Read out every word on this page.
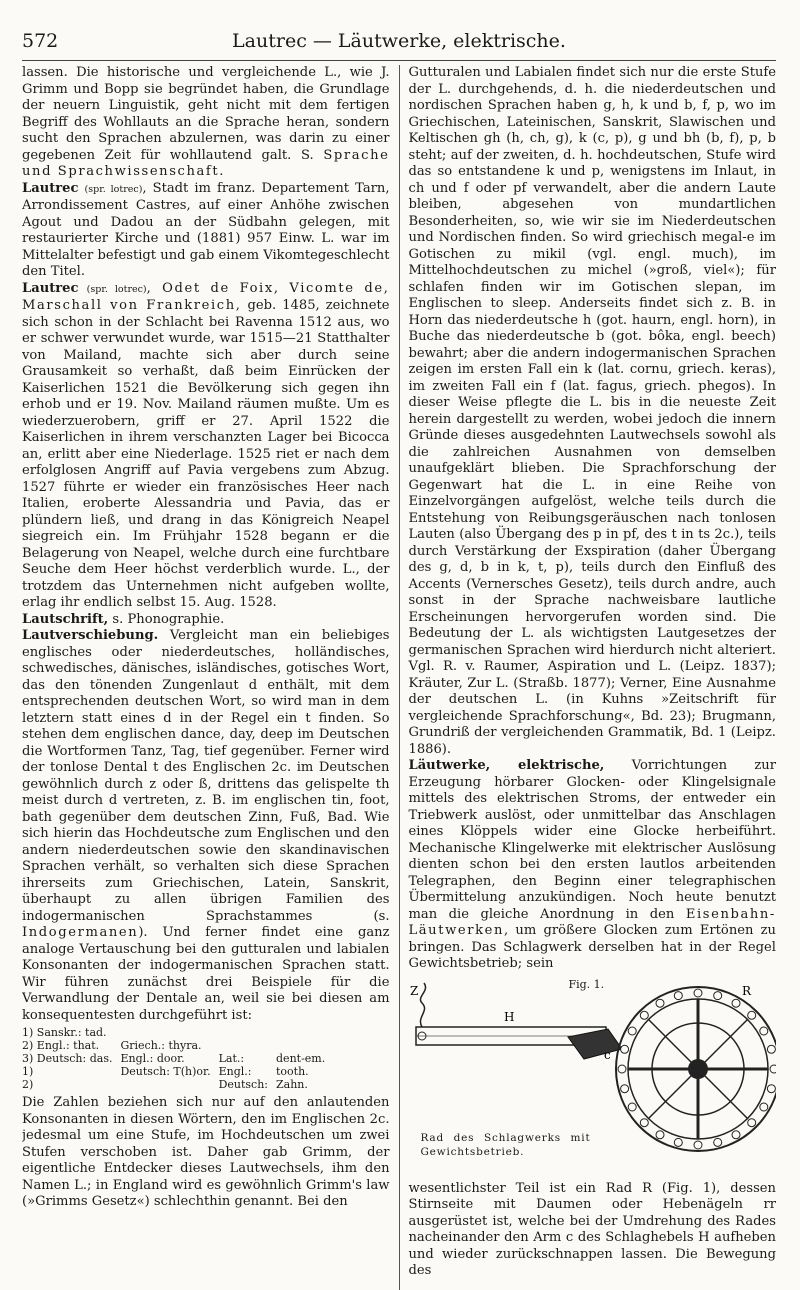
572	Lautrec — Läutwerke, elektrische.

lassen. Die historische und vergleichende L., wie J. Grimm und Bopp sie begründet haben, die Grundlage der neuern Linguistik, geht nicht mit dem fertigen Begriff des Wohllauts an die Sprache heran, sondern sucht den Sprachen abzulernen, was darin zu einer gegebenen Zeit für wohllautend galt. S. Sprache und Sprachwissenschaft.

Lautrec (spr. lotrec), Stadt im franz. Departement Tarn, Arrondissement Castres, auf einer Anhöhe zwischen Agout und Dadou an der Südbahn gelegen, mit restaurierter Kirche und (1881) 957 Einw. L. war im Mittelalter befestigt und gab einem Vikomtegeschlecht den Titel.

Lautrec (spr. lotrec), Odet de Foix, Vicomte de, Marschall von Frankreich, geb. 1485, zeichnete sich schon in der Schlacht bei Ravenna 1512 aus, wo er schwer verwundet wurde, war 1515—21 Statthalter von Mailand, machte sich aber durch seine Grausamkeit so verhaßt, daß beim Einrücken der Kaiserlichen 1521 die Bevölkerung sich gegen ihn erhob und er 19. Nov. Mailand räumen mußte. Um es wiederzuerobern, griff er 27. April 1522 die Kaiserlichen in ihrem verschanzten Lager bei Bicocca an, erlitt aber eine Niederlage. 1525 riet er nach dem erfolglosen Angriff auf Pavia vergebens zum Abzug. 1527 führte er wieder ein französisches Heer nach Italien, eroberte Alessandria und Pavia, das er plündern ließ, und drang in das Königreich Neapel siegreich ein. Im Frühjahr 1528 begann er die Belagerung von Neapel, welche durch eine furchtbare Seuche dem Heer höchst verderblich wurde. L., der trotzdem das Unternehmen nicht aufgeben wollte, erlag ihr endlich selbst 15. Aug. 1528.

Lautschrift, s. Phonographie.

Lautverschiebung. Vergleicht man ein beliebiges englisches oder niederdeutsches, holländisches, schwedisches, dänisches, isländisches, gotisches Wort, das den tönenden Zungenlaut d enthält, mit dem entsprechenden deutschen Wort, so wird man in dem letztern statt eines d in der Regel ein t finden. So stehen dem englischen dance, day, deep im Deutschen die Wortformen Tanz, Tag, tief gegenüber. Ferner wird der tonlose Dental t des Englischen 2c. im Deutschen gewöhnlich durch z oder ß, drittens das gelispelte th meist durch d vertreten, z. B. im englischen tin, foot, bath gegenüber dem deutschen Zinn, Fuß, Bad. Wie sich hierin das Hochdeutsche zum Englischen und den andern niederdeutschen sowie den skandinavischen Sprachen verhält, so verhalten sich diese Sprachen ihrerseits zum Griechischen, Latein, Sanskrit, überhaupt zu allen übrigen Familien des indogermanischen Sprachstammes (s. Indogermanen). Und ferner findet eine ganz analoge Vertauschung bei den gutturalen und labialen Konsonanten der indogermanischen Sprachen statt. Wir führen zunächst drei Beispiele für die Verwandlung der Dentale an, weil sie bei diesen am konsequentesten durchgeführt ist:

1) Sanskr.: tad.			
2) Engl.: that.	Griech.: thyra.		
3) Deutsch: das.	Engl.: door.	Lat.:	dent-em.
1)	Deutsch: T(h)or.	Engl.:	tooth.
2)		Deutsch:	Zahn.

Die Zahlen beziehen sich nur auf den anlautenden Konsonanten in diesen Wörtern, den im Englischen 2c. jedesmal um eine Stufe, im Hochdeutschen um zwei Stufen verschoben ist. Daher gab Grimm, der eigentliche Entdecker dieses Lautwechsels, ihm den Namen L.; in England wird es gewöhnlich Grimm's law (»Grimms Gesetz«) schlechthin genannt. Bei den

Gutturalen und Labialen findet sich nur die erste Stufe der L. durchgehends, d. h. die niederdeutschen und nordischen Sprachen haben g, h, k und b, f, p, wo im Griechischen, Lateinischen, Sanskrit, Slawischen und Keltischen gh (h, ch, g), k (c, p), g und bh (b, f), p, b steht; auf der zweiten, d. h. hochdeutschen, Stufe wird das so entstandene k und p, wenigstens im Inlaut, in ch und f oder pf verwandelt, aber die andern Laute bleiben, abgesehen von mundartlichen Besonderheiten, so, wie wir sie im Niederdeutschen und Nordischen finden. So wird griechisch megal-e im Gotischen zu mikil (vgl. engl. much), im Mittelhochdeutschen zu michel (»groß, viel«); für schlafen finden wir im Gotischen slepan, im Englischen to sleep. Anderseits findet sich z. B. in Horn das niederdeutsche h (got. haurn, engl. horn), in Buche das niederdeutsche b (got. bôka, engl. beech) bewahrt; aber die andern indogermanischen Sprachen zeigen im ersten Fall ein k (lat. cornu, griech. keras), im zweiten Fall ein f (lat. fagus, griech. phegos). In dieser Weise pflegte die L. bis in die neueste Zeit herein dargestellt zu werden, wobei jedoch die innern Gründe dieses ausgedehnten Lautwechsels sowohl als die zahlreichen Ausnahmen von demselben unaufgeklärt blieben. Die Sprachforschung der Gegenwart hat die L. in eine Reihe von Einzelvorgängen aufgelöst, welche teils durch die Entstehung von Reibungsgeräuschen nach tonlosen Lauten (also Übergang des p in pf, des t in ts 2c.), teils durch Verstärkung der Exspiration (daher Übergang des g, d, b in k, t, p), teils durch den Einfluß des Accents (Vernersches Gesetz), teils durch andre, auch sonst in der Sprache nachweisbare lautliche Erscheinungen hervorgerufen worden sind. Die Bedeutung der L. als wichtigsten Lautgesetzes der germanischen Sprachen wird hierdurch nicht alteriert. Vgl. R. v. Raumer, Aspiration und L. (Leipz. 1837); Kräuter, Zur L. (Straßb. 1877); Verner, Eine Ausnahme der deutschen L. (in Kuhns »Zeitschrift für vergleichende Sprachforschung«, Bd. 23); Brugmann, Grundriß der vergleichenden Grammatik, Bd. 1 (Leipz. 1886).

Läutwerke, elektrische, Vorrichtungen zur Erzeugung hörbarer Glocken- oder Klingelsignale mittels des elektrischen Stroms, der entweder ein Triebwerk auslöst, oder unmittelbar das Anschlagen eines Klöppels wider eine Glocke herbeiführt. Mechanische Klingelwerke mit elektrischer Auslösung dienten schon bei den ersten lautlos arbeitenden Telegraphen, den Beginn einer telegraphischen Übermittelung anzukündigen. Noch heute benutzt man die gleiche Anordnung in den Eisenbahn-Läutwerken, um größere Glocken zum Ertönen zu bringen. Das Schlagwerk derselben hat in der Regel Gewichtsbetrieb; sein

Fig. 1.
Z
H
c
R
Rad des Schlagwerks mit Gewichtsbetrieb.

wesentlichster Teil ist ein Rad R (Fig. 1), dessen Stirnseite mit Daumen oder Hebenägeln rr ausgerüstet ist, welche bei der Umdrehung des Rades nacheinander den Arm c des Schlaghebels H aufheben und wieder zurückschnappen lassen. Die Bewegung des
